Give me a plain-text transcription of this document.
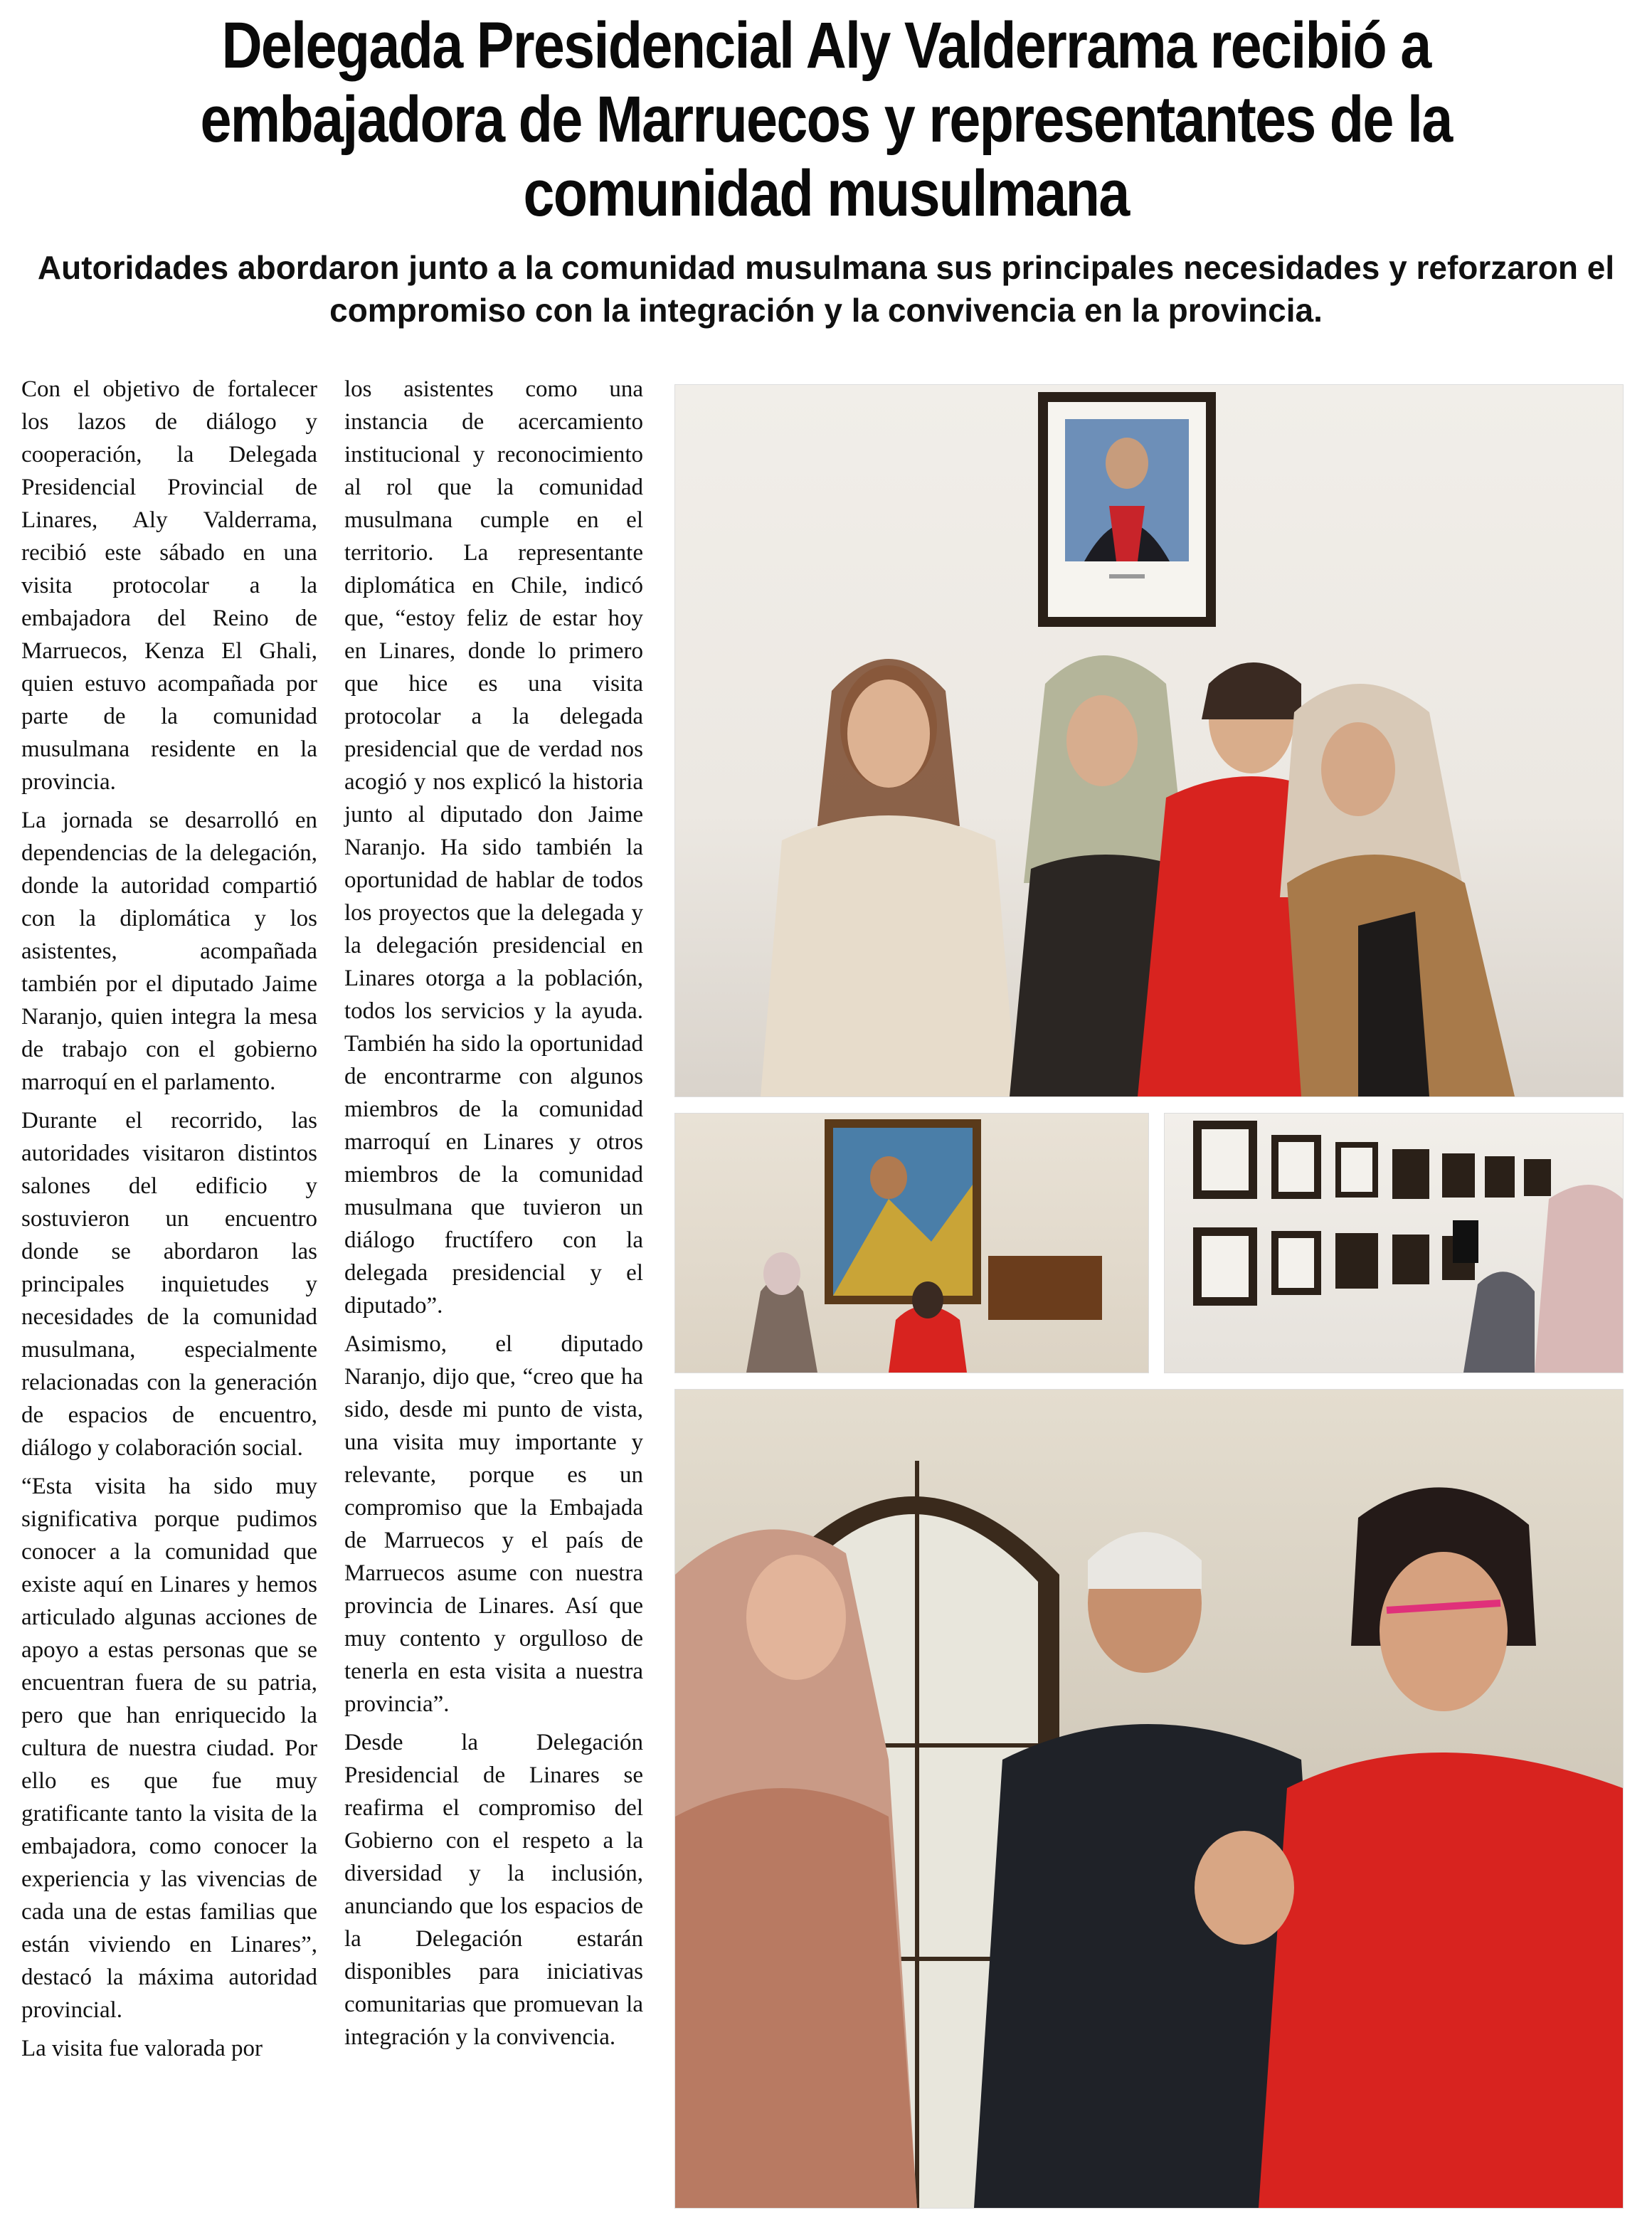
Delegada Presidencial Aly Valderrama recibió a embajadora de Marruecos y representantes de la comunidad musulmana

Autoridades abordaron junto a la comunidad musulmana sus principales necesidades y reforzaron el compromiso con la integración y la convivencia en la provincia.

Con el objetivo de fortalecer los lazos de diálogo y cooperación, la Delegada Presidencial Provincial de Linares, Aly Valderrama, recibió este sábado en una visita protocolar a la embajadora del Reino de Marruecos, Kenza El Ghali, quien estuvo acompañada por parte de la comunidad musulmana residente en la provincia.

La jornada se desarrolló en dependencias de la delegación, donde la autoridad compartió con la diplomática y los asistentes, acompañada también por el diputado Jaime Naranjo, quien integra la mesa de trabajo con el gobierno marroquí en el parlamento.

Durante el recorrido, las autoridades visitaron distintos salones del edificio y sostuvieron un encuentro donde se abordaron las principales inquietudes y necesidades de la comunidad musulmana, especialmente relacionadas con la generación de espacios de encuentro, diálogo y colaboración social.

“Esta visita ha sido muy significativa porque pudimos conocer a la comunidad que existe aquí en Linares y hemos articulado algunas acciones de apoyo a estas personas que se encuentran fuera de su patria, pero que han enriquecido la cultura de nuestra ciudad. Por ello es que fue muy gratificante tanto la visita de la embajadora, como conocer la experiencia y las vivencias de cada una de estas familias que están viviendo en Linares”, destacó la máxima autoridad provincial.

La visita fue valorada por

los asistentes como una instancia de acercamiento institucional y reconocimiento al rol que la comunidad musulmana cumple en el territorio. La representante diplomática en Chile, indicó que, “estoy feliz de estar hoy en Linares, donde lo primero que hice es una visita protocolar a la delegada presidencial que de verdad nos acogió y nos explicó la historia junto al diputado don Jaime Naranjo. Ha sido también la oportunidad de hablar de todos los proyectos que la delegada y la delegación presidencial en Linares otorga a la población, todos los servicios y la ayuda. También ha sido la oportunidad de encontrarme con algunos miembros de la comunidad marroquí en Linares y otros miembros de la comunidad musulmana que tuvieron un diálogo fructífero con la delegada presidencial y el diputado”.

Asimismo, el diputado Naranjo, dijo que, “creo que ha sido, desde mi punto de vista, una visita muy importante y relevante, porque es un compromiso que la Embajada de Marruecos y el país de Marruecos asume con nuestra provincia de Linares. Así que muy contento y orgulloso de tenerla en esta visita a nuestra provincia”.

Desde la Delegación Presidencial de Linares se reafirma el compromiso del Gobierno con el respeto a la diversidad y la inclusión, anunciando que los espacios de la Delegación estarán disponibles para iniciativas comunitarias que promuevan la integración y la convivencia.
